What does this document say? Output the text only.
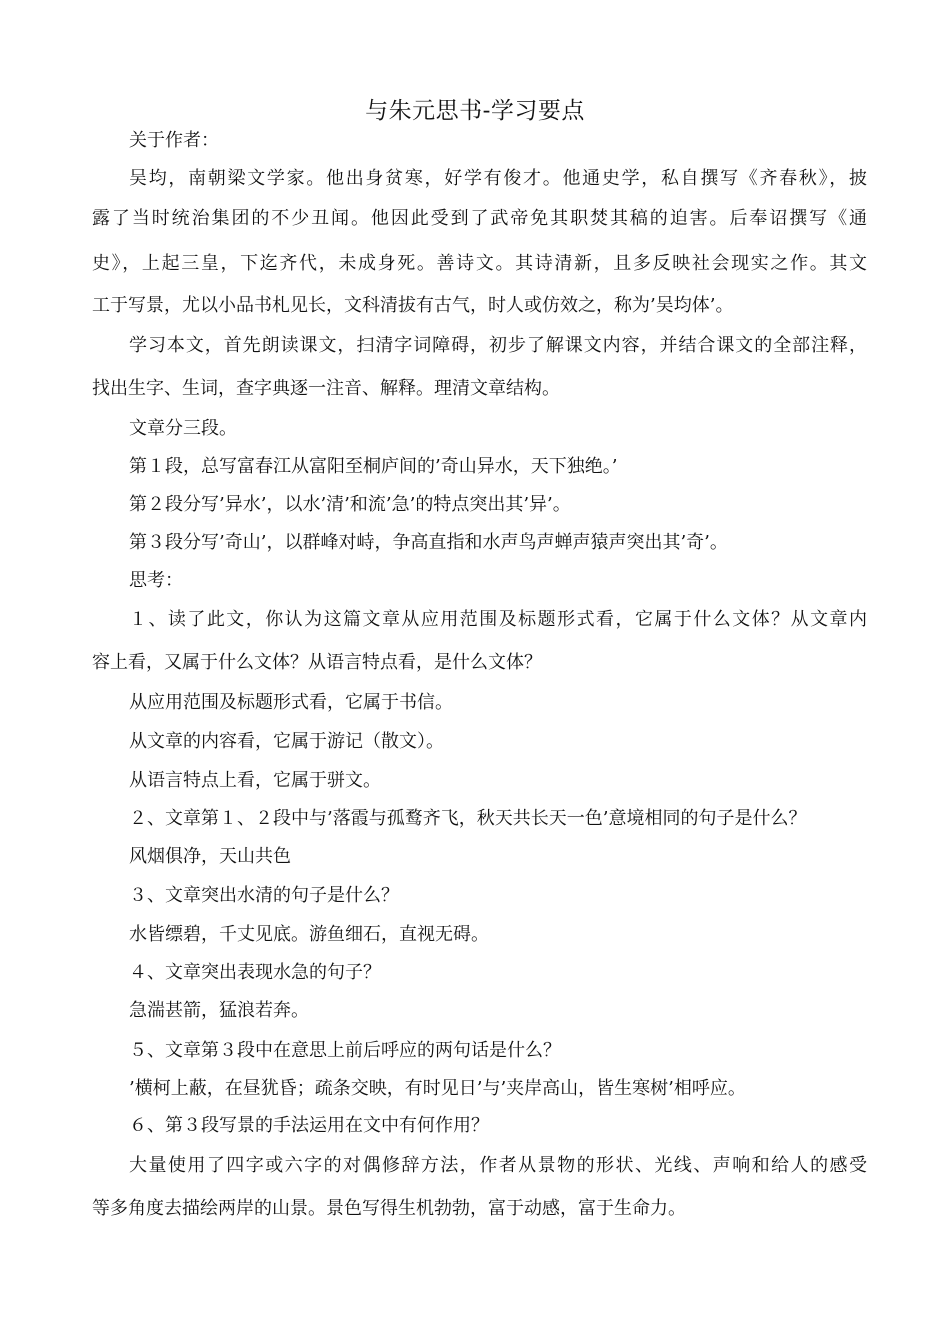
与朱元思书-学习要点
关于作者：
吴均，南朝梁文学家。他出身贫寒，好学有俊才。他通史学，私自撰写《齐春秋》，披
露了当时统治集团的不少丑闻。他因此受到了武帝免其职焚其稿的迫害。后奉诏撰写《通
史》，上起三皇，下迄齐代，未成身死。善诗文。其诗清新，且多反映社会现实之作。其文
工于写景，尤以小品书札见长，文科清拔有古气，时人或仿效之，称为’吴均体’。
学习本文，首先朗读课文，扫清字词障碍，初步了解课文内容，并结合课文的全部注释，
找出生字、生词，查字典逐一注音、解释。理清文章结构。
文章分三段。
第１段，总写富春江从富阳至桐庐间的’奇山异水，天下独绝。’
第２段分写’异水’，以水’清’和流’急’的特点突出其’异’。
第３段分写’奇山’，以群峰对峙，争高直指和水声鸟声蝉声猿声突出其’奇’。
思考：
１、读了此文，你认为这篇文章从应用范围及标题形式看，它属于什么文体？从文章内
容上看，又属于什么文体？从语言特点看，是什么文体？
从应用范围及标题形式看，它属于书信。
从文章的内容看，它属于游记（散文）。
从语言特点上看，它属于骈文。
２、文章第１、２段中与’落霞与孤鹜齐飞，秋天共长天一色’意境相同的句子是什么？
风烟俱净，天山共色
３、文章突出水清的句子是什么？
水皆缥碧，千丈见底。游鱼细石，直视无碍。
４、文章突出表现水急的句子？
急湍甚箭，猛浪若奔。
５、文章第３段中在意思上前后呼应的两句话是什么？
’横柯上蔽，在昼犹昏；疏条交映，有时见日’与’夹岸高山，皆生寒树’相呼应。
６、第３段写景的手法运用在文中有何作用？
大量使用了四字或六字的对偶修辞方法，作者从景物的形状、光线、声响和给人的感受
等多角度去描绘两岸的山景。景色写得生机勃勃，富于动感，富于生命力。
